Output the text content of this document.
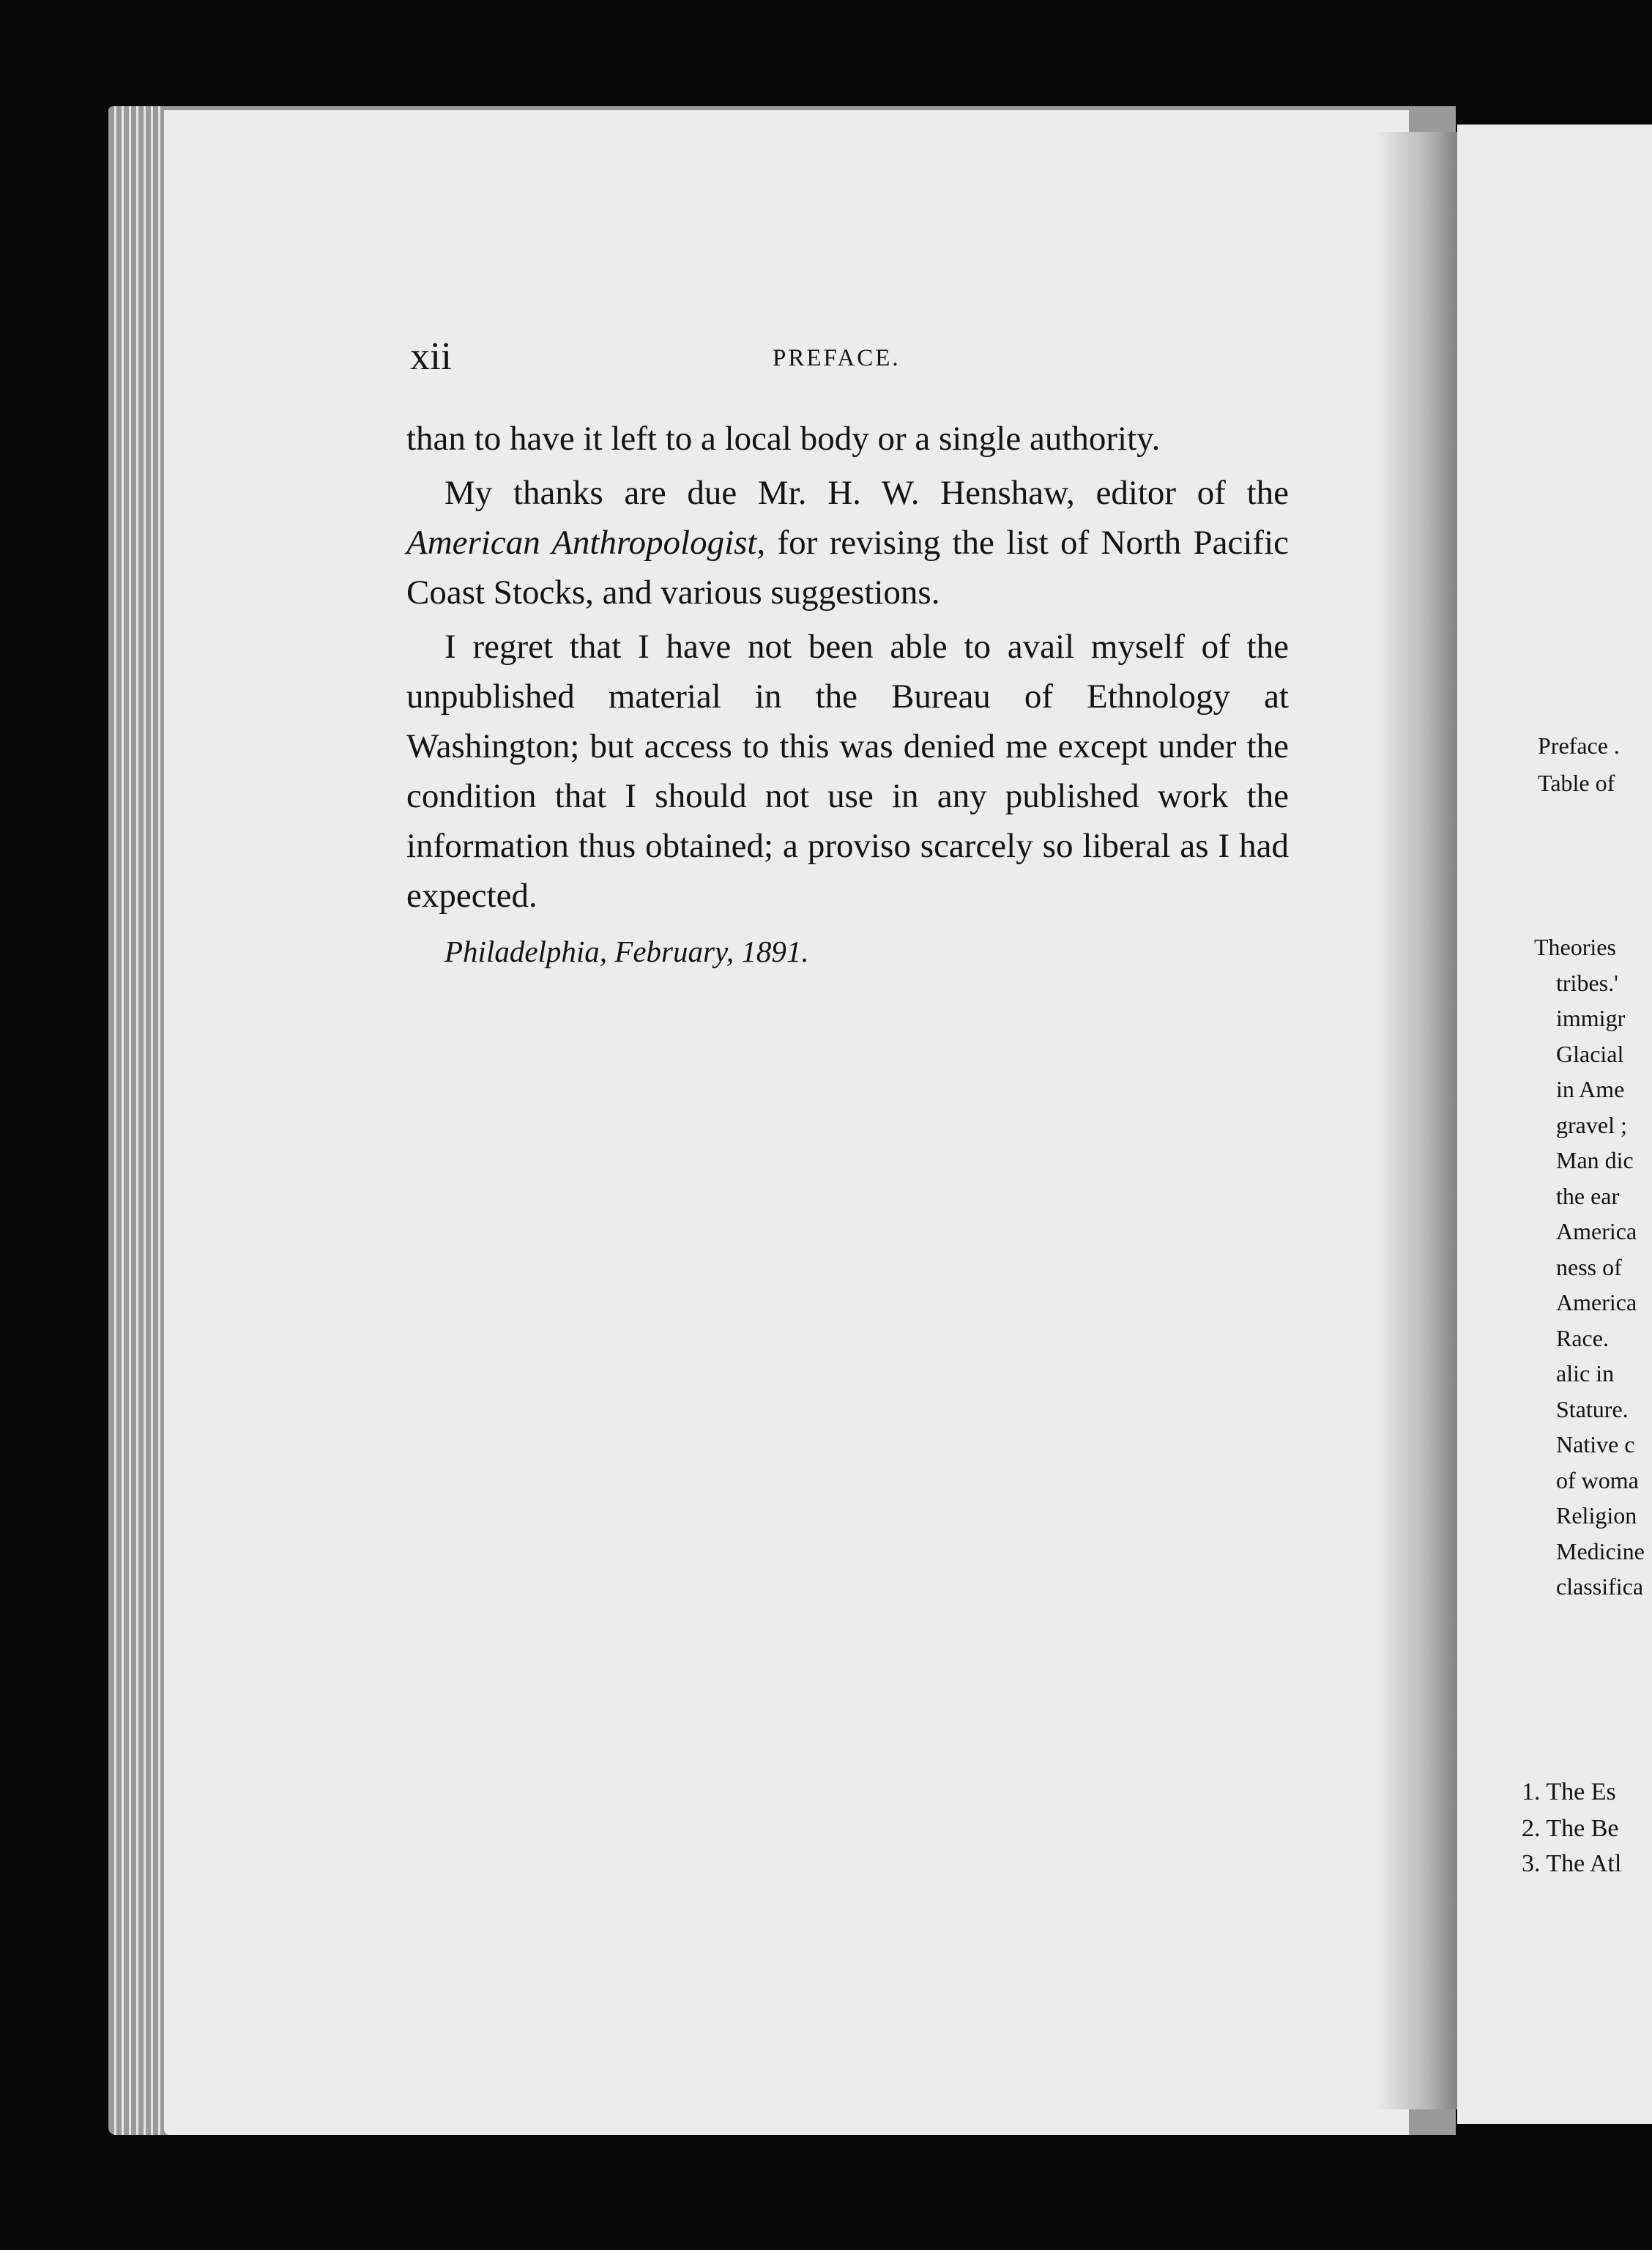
xii	PREFACE.

than to have it left to a local body or a single authority.

My thanks are due Mr. H. W. Henshaw, editor of the American Anthropologist, for revising the list of North Pacific Coast Stocks, and various suggestions.

I regret that I have not been able to avail myself of the unpublished material in the Bureau of Ethnology at Washington; but access to this was denied me except under the condition that I should not use in any published work the information thus obtained; a proviso scarcely so liberal as I had expected.

Philadelphia, February, 1891.

Preface .
Table of
Theories
tribes.'
immigr
Glacial
in Ame
gravel ;
Man dic
the ear
America
ness of
America
Race.
alic in
Stature.
Native c
of woma
Religion
Medicine
classifica
1. The Es
2. The Be
3. The Atl
